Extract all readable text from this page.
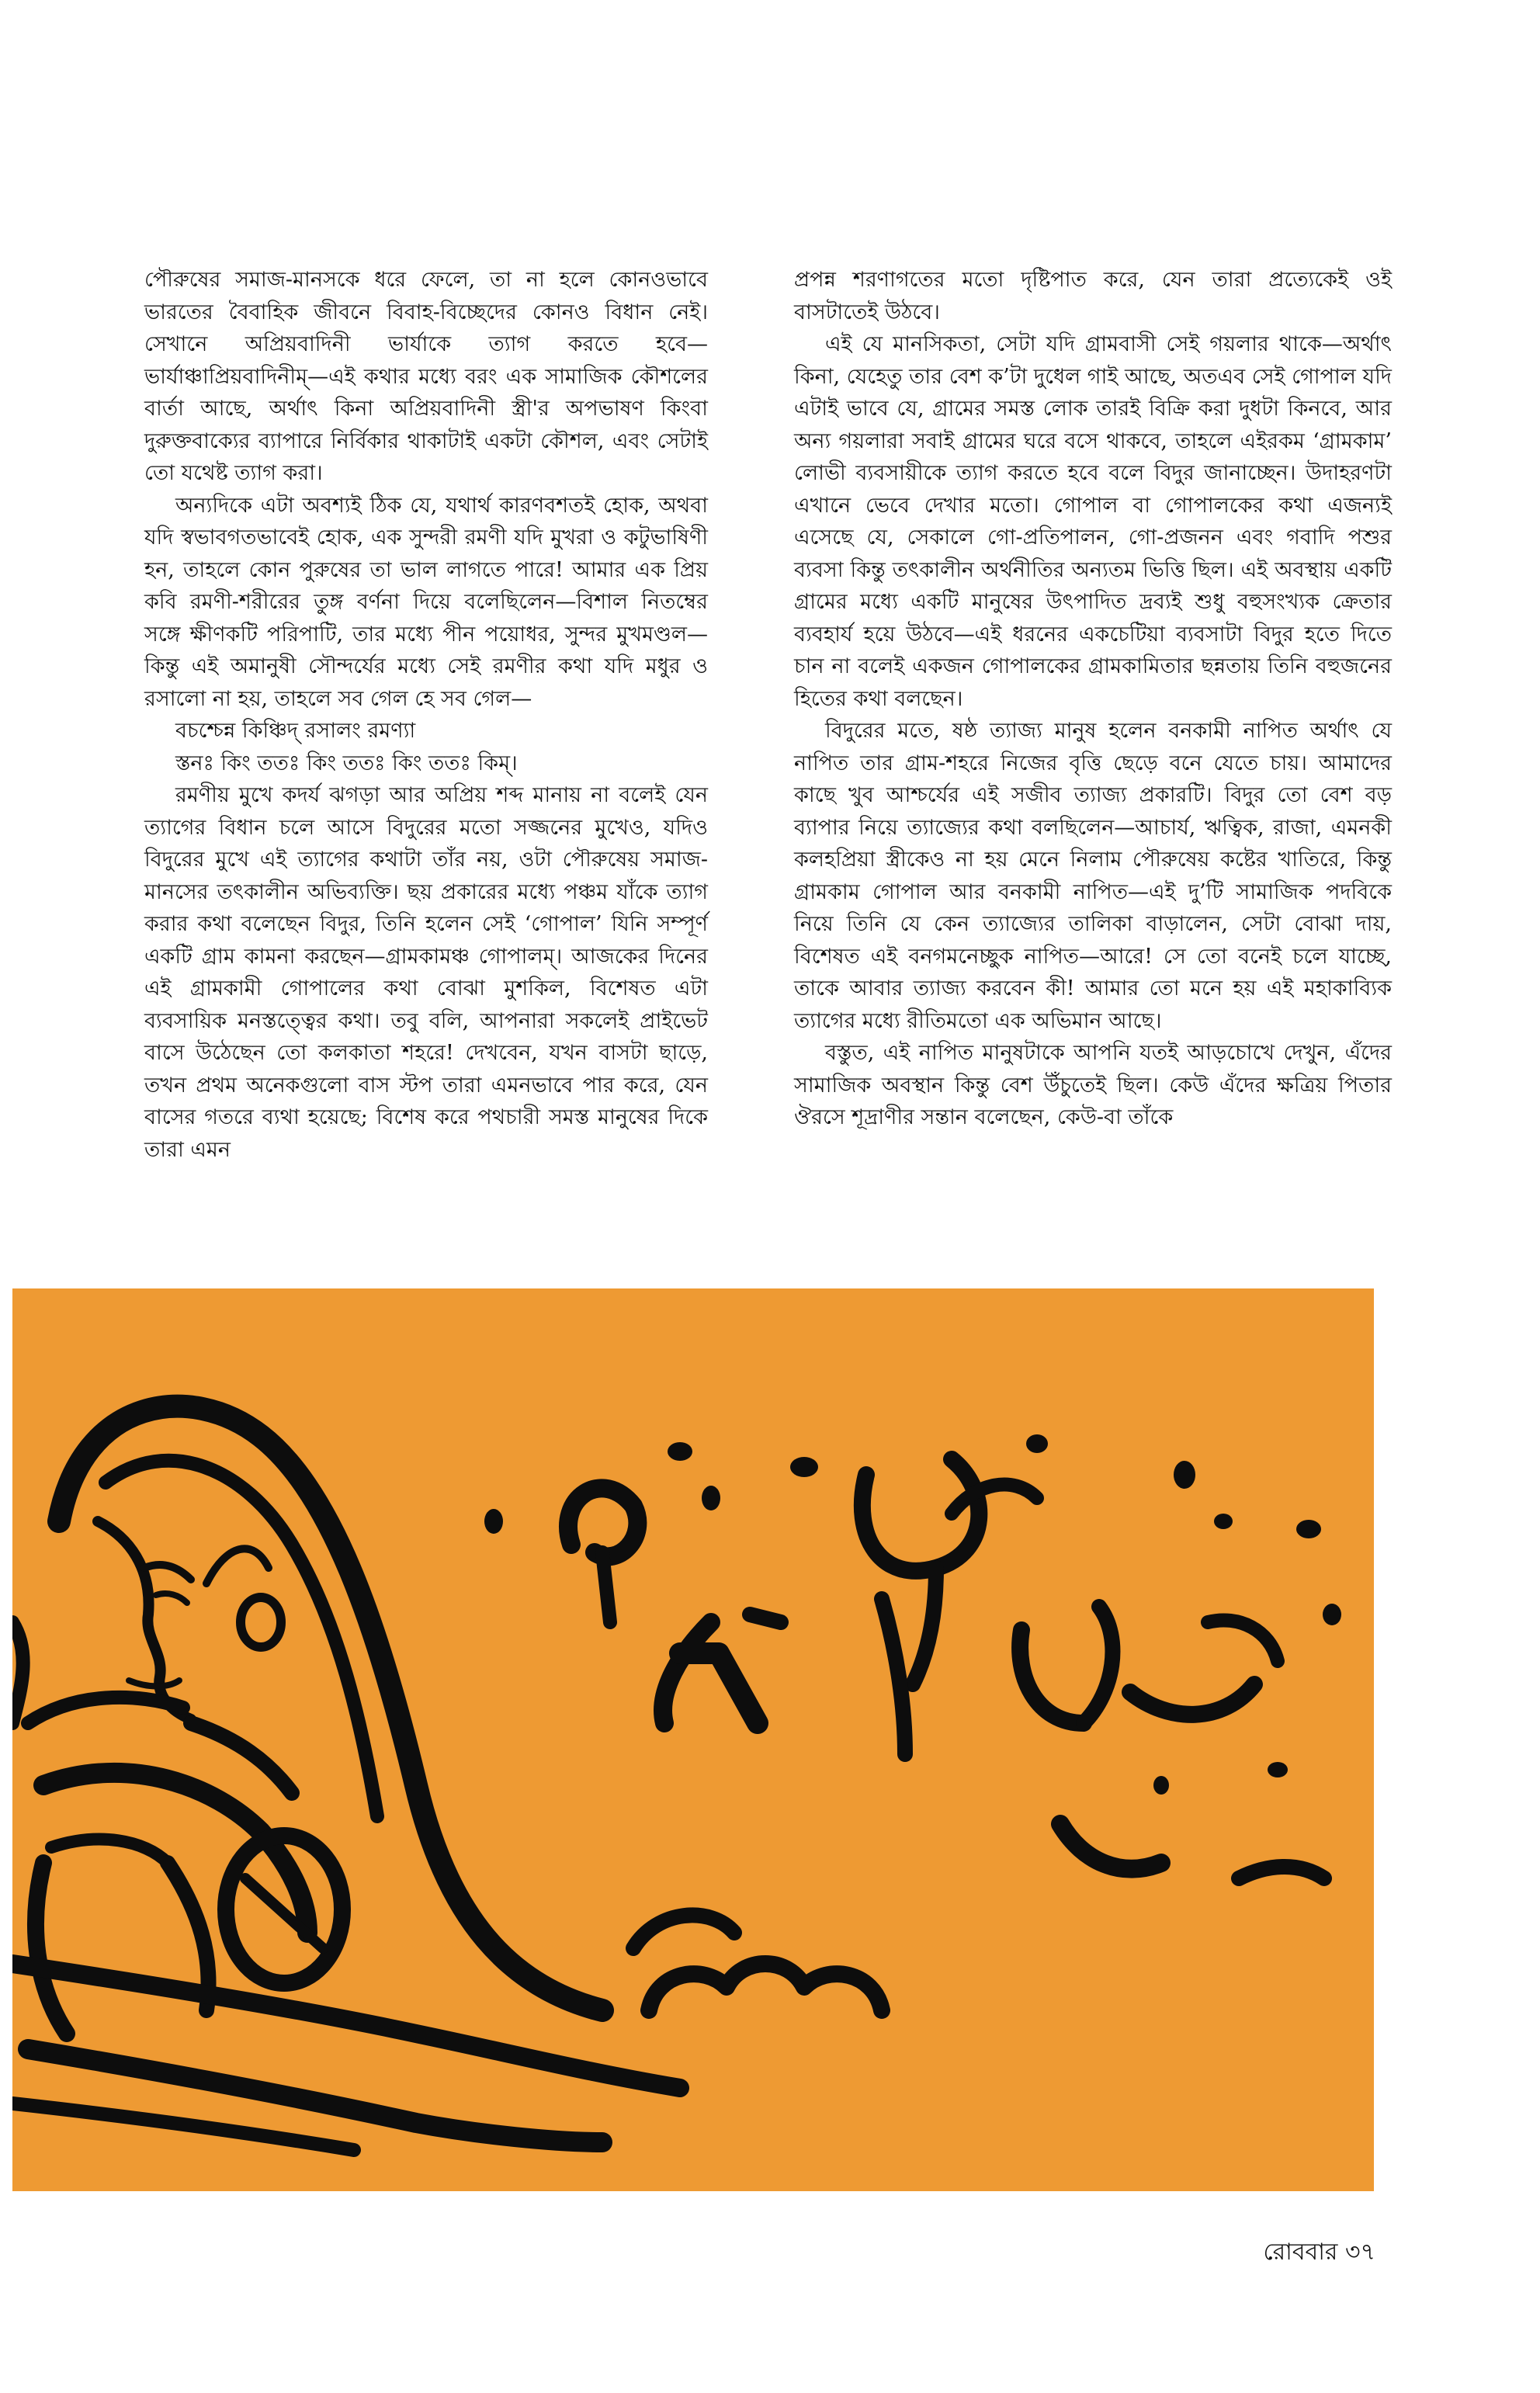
পৌরুষের সমাজ-মানসকে ধরে ফেলে, তা না হলে কোনওভাবে ভারতের বৈবাহিক জীবনে বিবাহ-বিচ্ছেদের কোনও বিধান নেই। সেখানে অপ্রিয়বাদিনী ভার্যাকে ত্যাগ করতে হবে—ভার্যাঞ্চাপ্রিয়বাদিনীম্—এই কথার মধ্যে বরং এক সামাজিক কৌশলের বার্তা আছে, অর্থাৎ কিনা অপ্রিয়বাদিনী স্ত্রী'র অপভাষণ কিংবা দুরুক্তবাক্যের ব্যাপারে নির্বিকার থাকাটাই একটা কৌশল, এবং সেটাই তো যথেষ্ট ত্যাগ করা।

অন্যদিকে এটা অবশ্যই ঠিক যে, যথার্থ কারণবশতই হোক, অথবা যদি স্বভাবগতভাবেই হোক, এক সুন্দরী রমণী যদি মুখরা ও কটুভাষিণী হন, তাহলে কোন পুরুষের তা ভাল লাগতে পারে! আমার এক প্রিয় কবি রমণী-শরীরের তুঙ্গ বর্ণনা দিয়ে বলেছিলেন—বিশাল নিতম্বের সঙ্গে ক্ষীণকটি পরিপাটি, তার মধ্যে পীন পয়োধর, সুন্দর মুখমণ্ডল—কিন্তু এই অমানুষী সৌন্দর্যের মধ্যে সেই রমণীর কথা যদি মধুর ও রসালো না হয়, তাহলে সব গেল হে সব গেল—

বচশ্চেন্ন কিঞ্চিদ্ রসালং রমণ্যা

স্তনঃ কিং ততঃ কিং ততঃ কিং ততঃ কিম্।

রমণীয় মুখে কদর্য ঝগড়া আর অপ্রিয় শব্দ মানায় না বলেই যেন ত্যাগের বিধান চলে আসে বিদুরের মতো সজ্জনের মুখেও, যদিও বিদুরের মুখে এই ত্যাগের কথাটা তাঁর নয়, ওটা পৌরুষেয় সমাজ-মানসের তৎকালীন অভিব্যক্তি। ছয় প্রকারের মধ্যে পঞ্চম যাঁকে ত্যাগ করার কথা বলেছেন বিদুর, তিনি হলেন সেই ‘গোপাল’ যিনি সম্পূর্ণ একটি গ্রাম কামনা করছেন—গ্রামকামঞ্চ গোপালম্। আজকের দিনের এই গ্রামকামী গোপালের কথা বোঝা মুশকিল, বিশেষত এটা ব্যবসায়িক মনস্তত্ত্বের কথা। তবু বলি, আপনারা সকলেই প্রাইভেট বাসে উঠেছেন তো কলকাতা শহরে! দেখবেন, যখন বাসটা ছাড়ে, তখন প্রথম অনেকগুলো বাস স্টপ তারা এমনভাবে পার করে, যেন বাসের গতরে ব্যথা হয়েছে; বিশেষ করে পথচারী সমস্ত মানুষের দিকে তারা এমন

প্রপন্ন শরণাগতের মতো দৃষ্টিপাত করে, যেন তারা প্রত্যেকেই ওই বাসটাতেই উঠবে।

এই যে মানসিকতা, সেটা যদি গ্রামবাসী সেই গয়লার থাকে—অর্থাৎ কিনা, যেহেতু তার বেশ ক’টা দুধেল গাই আছে, অতএব সেই গোপাল যদি এটাই ভাবে যে, গ্রামের সমস্ত লোক তারই বিক্রি করা দুধটা কিনবে, আর অন্য গয়লারা সবাই গ্রামের ঘরে বসে থাকবে, তাহলে এইরকম ‘গ্রামকাম’ লোভী ব্যবসায়ীকে ত্যাগ করতে হবে বলে বিদুর জানাচ্ছেন। উদাহরণটা এখানে ভেবে দেখার মতো। গোপাল বা গোপালকের কথা এজন্যই এসেছে যে, সেকালে গো-প্রতিপালন, গো-প্রজনন এবং গবাদি পশুর ব্যবসা কিন্তু তৎকালীন অর্থনীতির অন্যতম ভিত্তি ছিল। এই অবস্থায় একটি গ্রামের মধ্যে একটি মানুষের উৎপাদিত দ্রব্যই শুধু বহুসংখ্যক ক্রেতার ব্যবহার্য হয়ে উঠবে—এই ধরনের একচেটিয়া ব্যবসাটা বিদুর হতে দিতে চান না বলেই একজন গোপালকের গ্রামকামিতার ছন্নতায় তিনি বহুজনের হিতের কথা বলছেন।

বিদুরের মতে, ষষ্ঠ ত্যাজ্য মানুষ হলেন বনকামী নাপিত অর্থাৎ যে নাপিত তার গ্রাম-শহরে নিজের বৃত্তি ছেড়ে বনে যেতে চায়। আমাদের কাছে খুব আশ্চর্যের এই সজীব ত্যাজ্য প্রকারটি। বিদুর তো বেশ বড় ব্যাপার নিয়ে ত্যাজ্যের কথা বলছিলেন—আচার্য, ঋত্বিক, রাজা, এমনকী কলহপ্রিয়া স্ত্রীকেও না হয় মেনে নিলাম পৌরুষেয় কষ্টের খাতিরে, কিন্তু গ্রামকাম গোপাল আর বনকামী নাপিত—এই দু’টি সামাজিক পদবিকে নিয়ে তিনি যে কেন ত্যাজ্যের তালিকা বাড়ালেন, সেটা বোঝা দায়, বিশেষত এই বনগমনেচ্ছুক নাপিত—আরে! সে তো বনেই চলে যাচ্ছে, তাকে আবার ত্যাজ্য করবেন কী! আমার তো মনে হয় এই মহাকাব্যিক ত্যাগের মধ্যে রীতিমতো এক অভিমান আছে।

বস্তুত, এই নাপিত মানুষটাকে আপনি যতই আড়চোখে দেখুন, এঁদের সামাজিক অবস্থান কিন্তু বেশ উঁচুতেই ছিল। কেউ এঁদের ক্ষত্রিয় পিতার ঔরসে শূদ্রাণীর সন্তান বলেছেন, কেউ-বা তাঁকে

রোববার ৩৭
